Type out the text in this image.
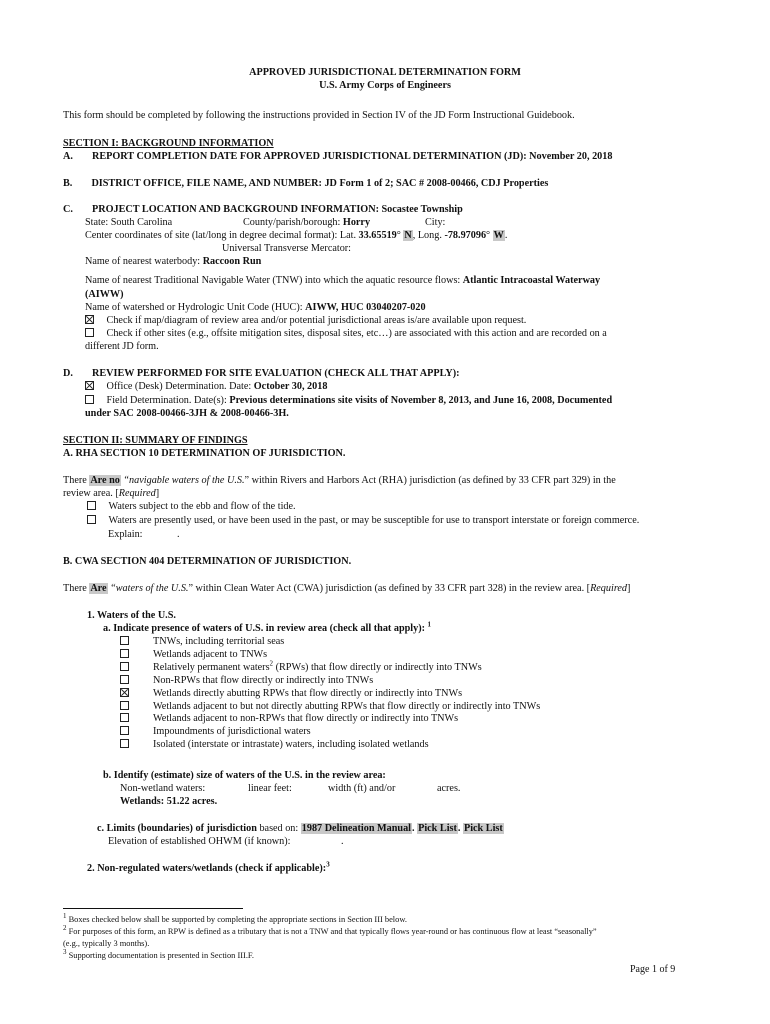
APPROVED JURISDICTIONAL DETERMINATION FORM
U.S. Army Corps of Engineers
This form should be completed by following the instructions provided in Section IV of the JD Form Instructional Guidebook.
SECTION I: BACKGROUND INFORMATION
A. REPORT COMPLETION DATE FOR APPROVED JURISDICTIONAL DETERMINATION (JD): November 20, 2018
B. DISTRICT OFFICE, FILE NAME, AND NUMBER: JD Form 1 of 2; SAC # 2008-00466, CDJ Properties
C. PROJECT LOCATION AND BACKGROUND INFORMATION: Socastee Township
State: South Carolina	County/parish/borough: Horry	City:
Center coordinates of site (lat/long in degree decimal format): Lat. 33.65519° N, Long. -78.97096° W.
Universal Transverse Mercator:
Name of nearest waterbody: Raccoon Run
Name of nearest Traditional Navigable Water (TNW) into which the aquatic resource flows: Atlantic Intracoastal Waterway
(AIWW)
Name of watershed or Hydrologic Unit Code (HUC): AIWW, HUC 03040207-020
Check if map/diagram of review area and/or potential jurisdictional areas is/are available upon request.
Check if other sites (e.g., offsite mitigation sites, disposal sites, etc…) are associated with this action and are recorded on a
different JD form.
D. REVIEW PERFORMED FOR SITE EVALUATION (CHECK ALL THAT APPLY):
Office (Desk) Determination. Date: October 30, 2018
Field Determination. Date(s): Previous determinations site visits of November 8, 2013, and June 16, 2008, Documented
under SAC 2008-00466-3JH & 2008-00466-3H.
SECTION II: SUMMARY OF FINDINGS
A. RHA SECTION 10 DETERMINATION OF JURISDICTION.
There Are no “navigable waters of the U.S.” within Rivers and Harbors Act (RHA) jurisdiction (as defined by 33 CFR part 329) in the
review area. [Required]
Waters subject to the ebb and flow of the tide.
Waters are presently used, or have been used in the past, or may be susceptible for use to transport interstate or foreign commerce.
Explain:	.
B. CWA SECTION 404 DETERMINATION OF JURISDICTION.
There Are “waters of the U.S.” within Clean Water Act (CWA) jurisdiction (as defined by 33 CFR part 328) in the review area. [Required]
1. Waters of the U.S.
a. Indicate presence of waters of U.S. in review area (check all that apply): $^1$
TNWs, including territorial seas
Wetlands adjacent to TNWs
Relatively permanent waters$^2$ (RPWs) that flow directly or indirectly into TNWs
Non-RPWs that flow directly or indirectly into TNWs
Wetlands directly abutting RPWs that flow directly or indirectly into TNWs
Wetlands adjacent to but not directly abutting RPWs that flow directly or indirectly into TNWs
Wetlands adjacent to non-RPWs that flow directly or indirectly into TNWs
Impoundments of jurisdictional waters
Isolated (interstate or intrastate) waters, including isolated wetlands
b. Identify (estimate) size of waters of the U.S. in the review area:
Non-wetland waters:	linear feet:	width (ft) and/or	acres.
Wetlands: 51.22 acres.
c. Limits (boundaries) of jurisdiction based on: 1987 Delineation Manual. Pick List. Pick List
Elevation of established OHWM (if known):	.
2. Non-regulated waters/wetlands (check if applicable):$^3$
$^1$ Boxes checked below shall be supported by completing the appropriate sections in Section III below.
$^2$ For purposes of this form, an RPW is defined as a tributary that is not a TNW and that typically flows year-round or has continuous flow at least “seasonally”
(e.g., typically 3 months).
$^3$ Supporting documentation is presented in Section III.F.
Page 1 of 9
